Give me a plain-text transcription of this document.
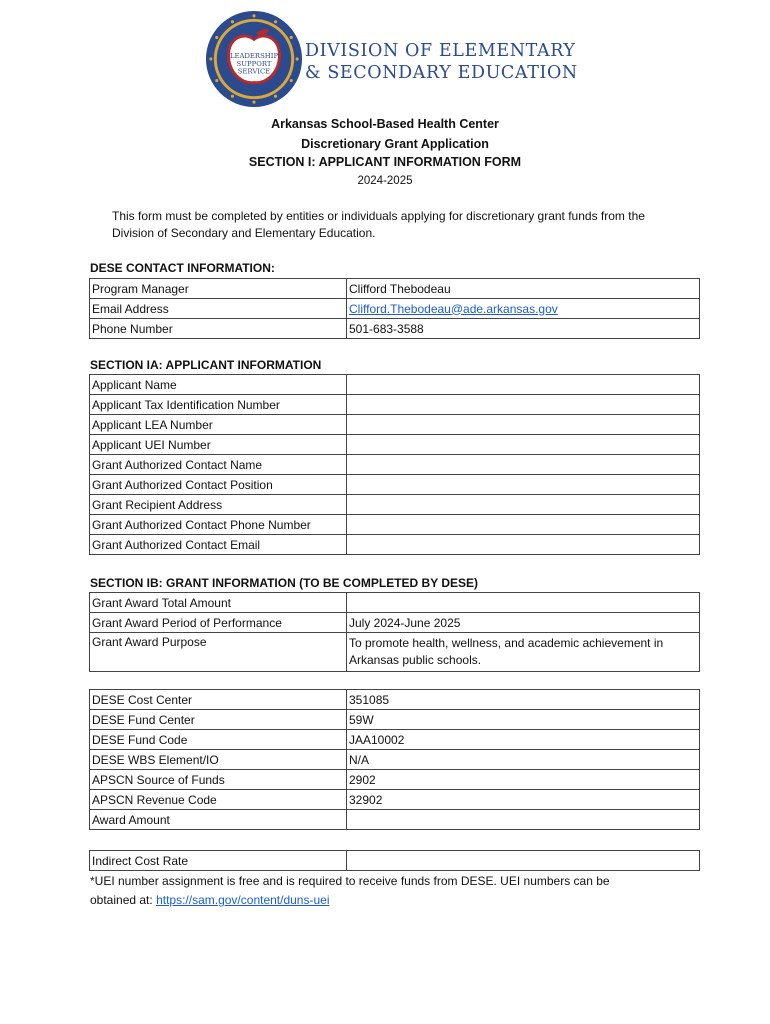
LEADERSHIP
SUPPORT
SERVICE
DIVISION OF ELEMENTARY
& SECONDARY EDUCATION
Arkansas School-Based Health Center
Discretionary Grant Application
SECTION I: APPLICANT INFORMATION FORM
2024-2025
This form must be completed by entities or individuals applying for discretionary grant funds from the Division of Secondary and Elementary Education.
DESE CONTACT INFORMATION:
Program Manager	Clifford Thebodeau
Email Address	Clifford.Thebodeau@ade.arkansas.gov
Phone Number	501-683-3588
SECTION IA: APPLICANT INFORMATION
Applicant Name	
Applicant Tax Identification Number	
Applicant LEA Number	
Applicant UEI Number	
Grant Authorized Contact Name	
Grant Authorized Contact Position	
Grant Recipient Address	
Grant Authorized Contact Phone Number	
Grant Authorized Contact Email	
SECTION IB: GRANT INFORMATION (TO BE COMPLETED BY DESE)
Grant Award Total Amount	
Grant Award Period of Performance	July 2024-June 2025
Grant Award Purpose	To promote health, wellness, and academic achievement in Arkansas public schools.
DESE Cost Center	351085
DESE Fund Center	59W
DESE Fund Code	JAA10002
DESE WBS Element/IO	N/A
APSCN Source of Funds	2902
APSCN Revenue Code	32902
Award Amount	
Indirect Cost Rate	
*UEI number assignment is free and is required to receive funds from DESE. UEI numbers can be obtained at: https://sam.gov/content/duns-uei
